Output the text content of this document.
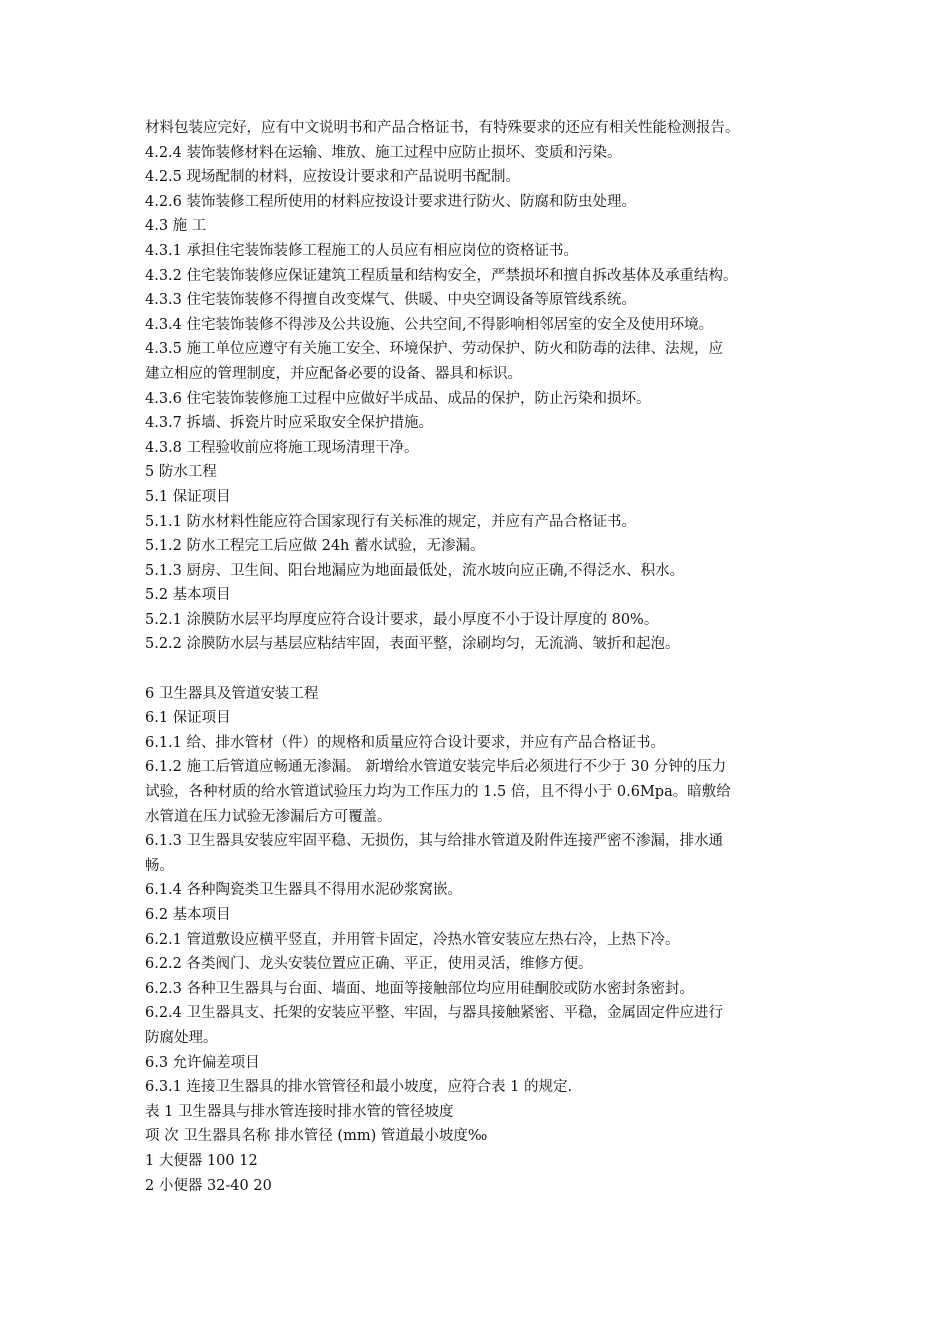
材料包装应完好，应有中文说明书和产品合格证书，有特殊要求的还应有相关性能检测报告。
4.2.4 装饰装修材料在运输、堆放、施工过程中应防止损坏、变质和污染。
4.2.5 现场配制的材料，应按设计要求和产品说明书配制。
4.2.6 装饰装修工程所使用的材料应按设计要求进行防火、防腐和防虫处理。
4.3 施 工
4.3.1 承担住宅装饰装修工程施工的人员应有相应岗位的资格证书。
4.3.2 住宅装饰装修应保证建筑工程质量和结构安全，严禁损坏和擅自拆改基体及承重结构。
4.3.3 住宅装饰装修不得擅自改变煤气、供暖、中央空调设备等原管线系统。
4.3.4 住宅装饰装修不得涉及公共设施、公共空间,不得影响相邻居室的安全及使用环境。
4.3.5 施工单位应遵守有关施工安全、环境保护、劳动保护、防火和防毒的法律、法规，应
建立相应的管理制度，并应配备必要的设备、器具和标识。
4.3.6 住宅装饰装修施工过程中应做好半成品、成品的保护，防止污染和损坏。
4.3.7 拆墙、拆瓷片时应采取安全保护措施。
4.3.8 工程验收前应将施工现场清理干净。
5 防水工程
5.1 保证项目
5.1.1 防水材料性能应符合国家现行有关标准的规定，并应有产品合格证书。
5.1.2 防水工程完工后应做 24h 蓄水试验，无渗漏。
5.1.3 厨房、卫生间、阳台地漏应为地面最低处，流水坡向应正确,不得泛水、积水。
5.2 基本项目
5.2.1 涂膜防水层平均厚度应符合设计要求，最小厚度不小于设计厚度的 80%。
5.2.2 涂膜防水层与基层应粘结牢固，表面平整，涂刷均匀，无流淌、皱折和起泡。
6 卫生器具及管道安装工程
6.1 保证项目
6.1.1 给、排水管材（件）的规格和质量应符合设计要求，并应有产品合格证书。
6.1.2 施工后管道应畅通无渗漏。 新增给水管道安装完毕后必须进行不少于 30 分钟的压力
试验，各种材质的给水管道试验压力均为工作压力的 1.5 倍，且不得小于 0.6Mpa。暗敷给
水管道在压力试验无渗漏后方可覆盖。
6.1.3 卫生器具安装应牢固平稳、无损伤，其与给排水管道及附件连接严密不渗漏，排水通
畅。
6.1.4 各种陶瓷类卫生器具不得用水泥砂浆窝嵌。
6.2 基本项目
6.2.1 管道敷设应横平竖直，并用管卡固定，冷热水管安装应左热右冷，上热下冷。
6.2.2 各类阀门、龙头安装位置应正确、平正，使用灵活，维修方便。
6.2.3 各种卫生器具与台面、墙面、地面等接触部位均应用硅酮胶或防水密封条密封。
6.2.4 卫生器具支、托架的安装应平整、牢固，与器具接触紧密、平稳，金属固定件应进行
防腐处理。
6.3 允许偏差项目
6.3.1 连接卫生器具的排水管管径和最小坡度，应符合表 1 的规定.
表 1 卫生器具与排水管连接时排水管的管径坡度
项 次 卫生器具名称 排水管径 (mm) 管道最小坡度‰
1 大便器 100 12
2 小便器 32-40 20
